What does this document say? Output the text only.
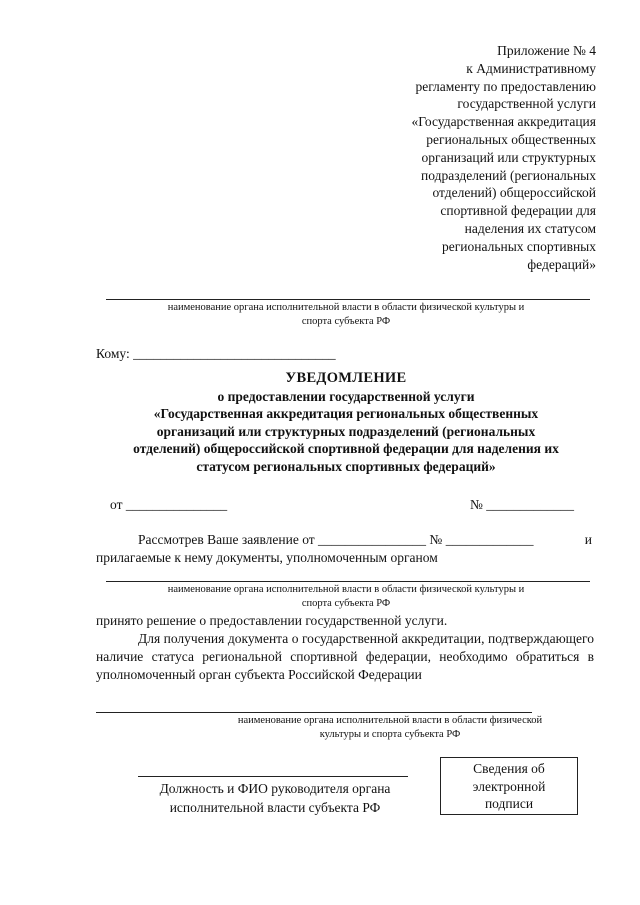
Приложение № 4
к Административному
регламенту по предоставлению
государственной услуги
«Государственная аккредитация
региональных общественных
организаций или структурных
подразделений (региональных
отделений) общероссийской
спортивной федерации для
наделения их статусом
региональных спортивных
федераций»
наименование органа исполнительной власти в области физической культуры и
спорта субъекта РФ
Кому: ______________________________
УВЕДОМЛЕНИЕ
о предоставлении государственной услуги
«Государственная аккредитация региональных общественных
организаций или структурных подразделений (региональных
отделений) общероссийской спортивной федерации для наделения их
статусом региональных спортивных федераций»
от _______________	№ _____________
Рассмотрев Ваше заявление от ________________ № _____________	и
прилагаемые к нему документы, уполномоченным органом
наименование органа исполнительной власти в области физической культуры и
спорта субъекта РФ
принято решение о предоставлении государственной услуги.
Для получения документа о государственной аккредитации, подтверждающего наличие статуса региональной спортивной федерации, необходимо обратиться в уполномоченный орган субъекта Российской Федерации
наименование органа исполнительной власти в области физической
культуры и спорта субъекта РФ
Должность и ФИО руководителя органа
исполнительной власти субъекта РФ
Сведения об
электронной
подписи
